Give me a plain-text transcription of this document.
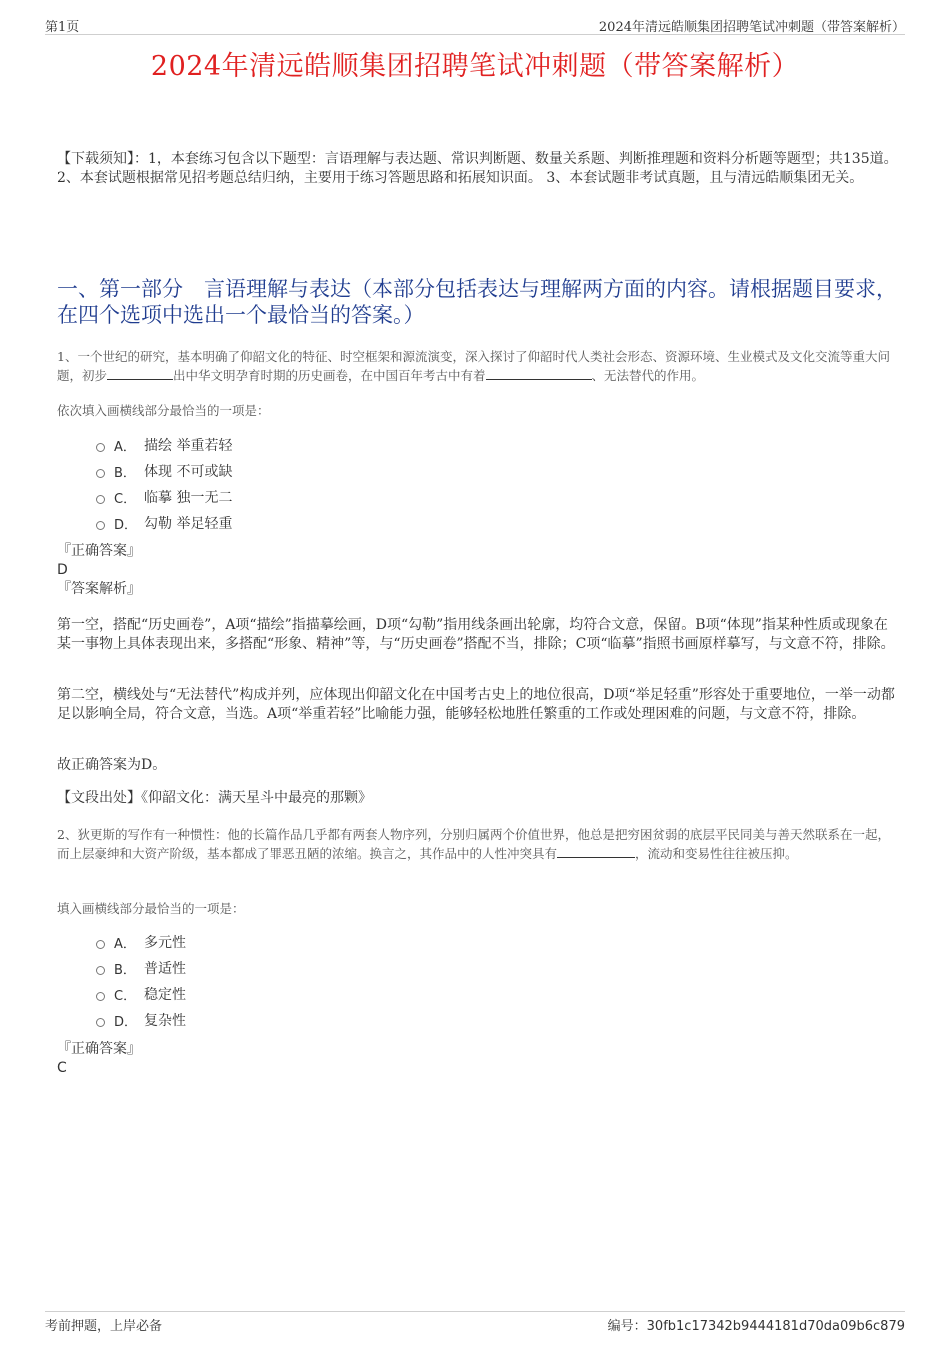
第1页	2024年清远皓顺集团招聘笔试冲刺题（带答案解析）
2024年清远皓顺集团招聘笔试冲刺题（带答案解析）
【下载须知】：1，本套练习包含以下题型：言语理解与表达题、常识判断题、数量关系题、判断推理题和资料分析题等题型；共135道。 2、本套试题根据常见招考题总结归纳，主要用于练习答题思路和拓展知识面。 3、本套试题非考试真题，且与清远皓顺集团无关。
一、第一部分　言语理解与表达（本部分包括表达与理解两方面的内容。请根据题目要求，在四个选项中选出一个最恰当的答案。）
1、一个世纪的研究，基本明确了仰韶文化的特征、时空框架和源流演变，深入探讨了仰韶时代人类社会形态、资源环境、生业模式及文化交流等重大问题，初步	出中华文明孕育时期的历史画卷，在中国百年考古中有着	、无法替代的作用。
依次填入画横线部分最恰当的一项是：
A． 描绘 举重若轻
B． 体现 不可或缺
C． 临摹 独一无二
D． 勾勒 举足轻重
『正确答案』
D
『答案解析』
第一空，搭配“历史画卷”，A项“描绘”指描摹绘画，D项“勾勒”指用线条画出轮廓，均符合文意，保留。B项“体现”指某种性质或现象在某一事物上具体表现出来，多搭配“形象、精神”等，与“历史画卷”搭配不当，排除；C项“临摹”指照书画原样摹写，与文意不符，排除。
第二空，横线处与“无法替代”构成并列，应体现出仰韶文化在中国考古史上的地位很高，D项“举足轻重”形容处于重要地位，一举一动都足以影响全局，符合文意，当选。A项“举重若轻”比喻能力强，能够轻松地胜任繁重的工作或处理困难的问题，与文意不符，排除。
故正确答案为D。
【文段出处】《仰韶文化：满天星斗中最亮的那颗》
2、狄更斯的写作有一种惯性：他的长篇作品几乎都有两套人物序列，分别归属两个价值世界，他总是把穷困贫弱的底层平民同美与善天然联系在一起，而上层豪绅和大资产阶级，基本都成了罪恶丑陋的浓缩。换言之，其作品中的人性冲突具有	，流动和变易性往往被压抑。
填入画横线部分最恰当的一项是：
A． 多元性
B． 普适性
C． 稳定性
D． 复杂性
『正确答案』
C
考前押题，上岸必备	编号：30fb1c17342b9444181d70da09b6c879
